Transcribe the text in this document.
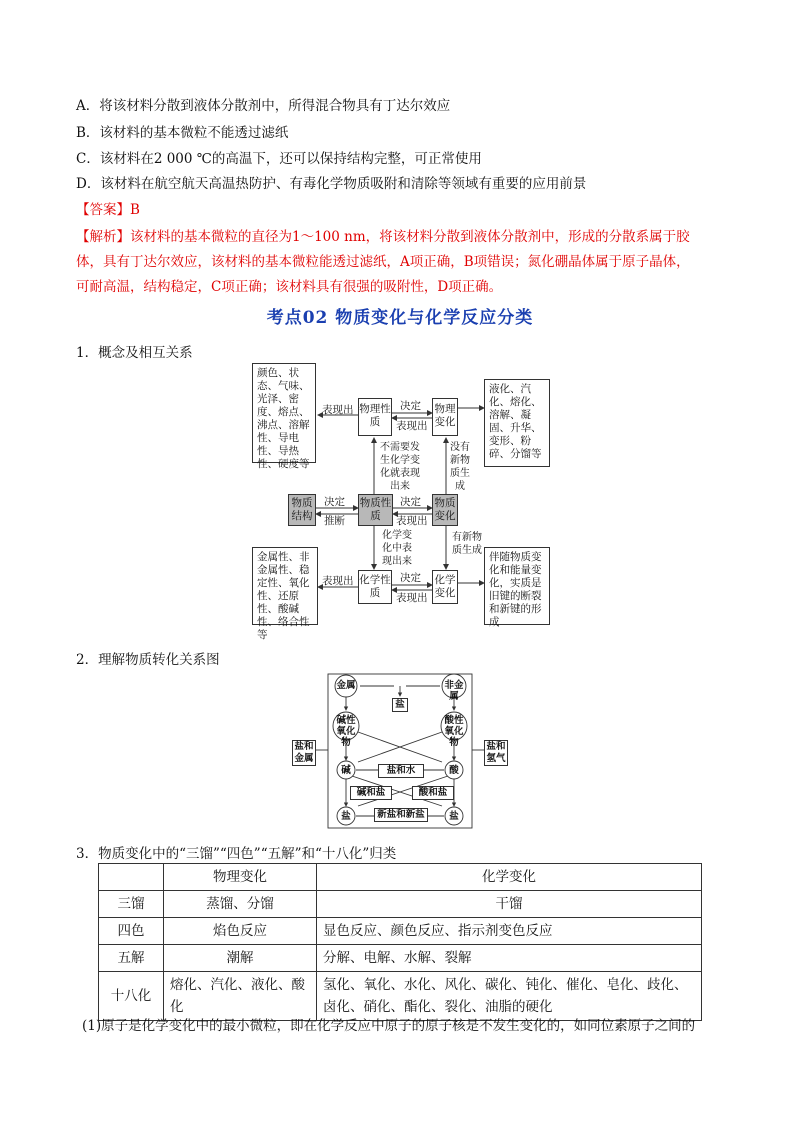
A．将该材料分散到液体分散剂中，所得混合物具有丁达尔效应
B．该材料的基本微粒不能透过滤纸
C．该材料在2 000 ℃的高温下，还可以保持结构完整，可正常使用
D．该材料在航空航天高温热防护、有毒化学物质吸附和清除等领域有重要的应用前景
【答案】B
【解析】该材料的基本微粒的直径为1～100 nm，将该材料分散到液体分散剂中，形成的分散系属于胶
体，具有丁达尔效应，该材料的基本微粒能透过滤纸，A项正确，B项错误；氮化硼晶体属于原子晶体，
可耐高温，结构稳定，C项正确；该材料具有很强的吸附性，D项正确。
考点02 物质变化与化学反应分类
1．概念及相互关系
颜色、状态、气味、光泽、密度、熔点、沸点、溶解性、导电性、导热性、硬度等
物理性质
物理变化
液化、汽化、熔化、溶解、凝固、升华、变形、粉碎、分馏等
表现出	决定
表现出
不需要发生化学变化就表现出来
没有新物质生成
物质结构
物质性质
物质变化
决定
推断
决定
表现出
化学变化中表现出来
有新物质生成
金属性、非金属性、稳定性、氧化性、还原性、酸碱性、络合性等
化学性质
化学变化
伴随物质变化和能量变化，实质是旧键的断裂和新键的形成
表现出	决定
表现出
2．理解物质转化关系图
金属	非金属
盐
碱性氧化物
酸性氧化物
盐和金属
盐和氢气
碱	盐和水	酸
碱和盐	酸和盐
新盐和新盐
盐	盐
3．物质变化中的“三馏”“四色”“五解”和“十八化”归类
	物理变化	化学变化
三馏	蒸馏、分馏	干馏
四色	焰色反应	显色反应、颜色反应、指示剂变色反应
五解	潮解	分解、电解、水解、裂解
十八化	熔化、汽化、液化、酸化	氢化、氧化、水化、风化、碳化、钝化、催化、皂化、歧化、卤化、硝化、酯化、裂化、油脂的硬化
(1)原子是化学变化中的最小微粒，即在化学反应中原子的原子核是不发生变化的，如同位素原子之间的
